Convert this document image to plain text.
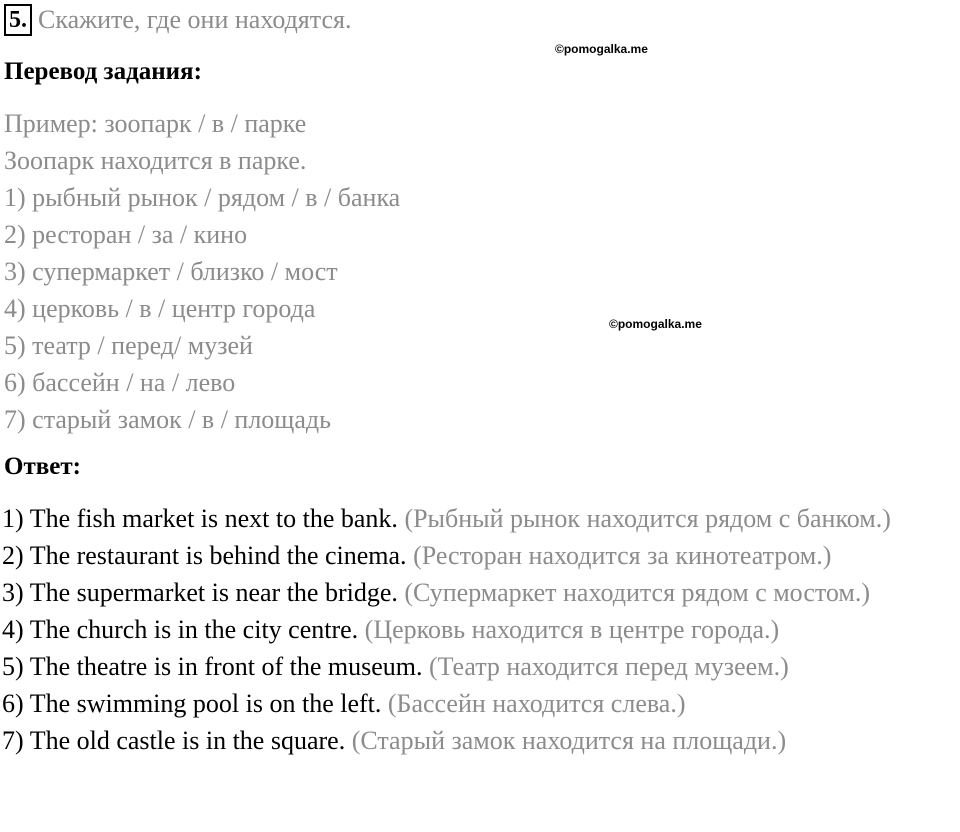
5. Скажите, где они находятся.
©pomogalka.me
Перевод задания:
Пример: зоопарк / в / парке
Зоопарк находится в парке.
1) рыбный рынок / рядом / в / банка
2) ресторан / за / кино
3) супермаркет / близко / мост
4) церковь / в / центр города
5) театр / перед/ музей
6) бассейн / на / лево
7) старый замок / в / площадь
©pomogalka.me
Ответ:
1) The fish market is next to the bank. (Рыбный рынок находится рядом с банком.)
2) The restaurant is behind the cinema. (Ресторан находится за кинотеатром.)
3) The supermarket is near the bridge. (Супермаркет находится рядом с мостом.)
4) The church is in the city centre. (Церковь находится в центре города.)
5) The theatre is in front of the museum. (Театр находится перед музеем.)
6) The swimming pool is on the left. (Бассейн находится слева.)
7) The old castle is in the square. (Старый замок находится на площади.)
